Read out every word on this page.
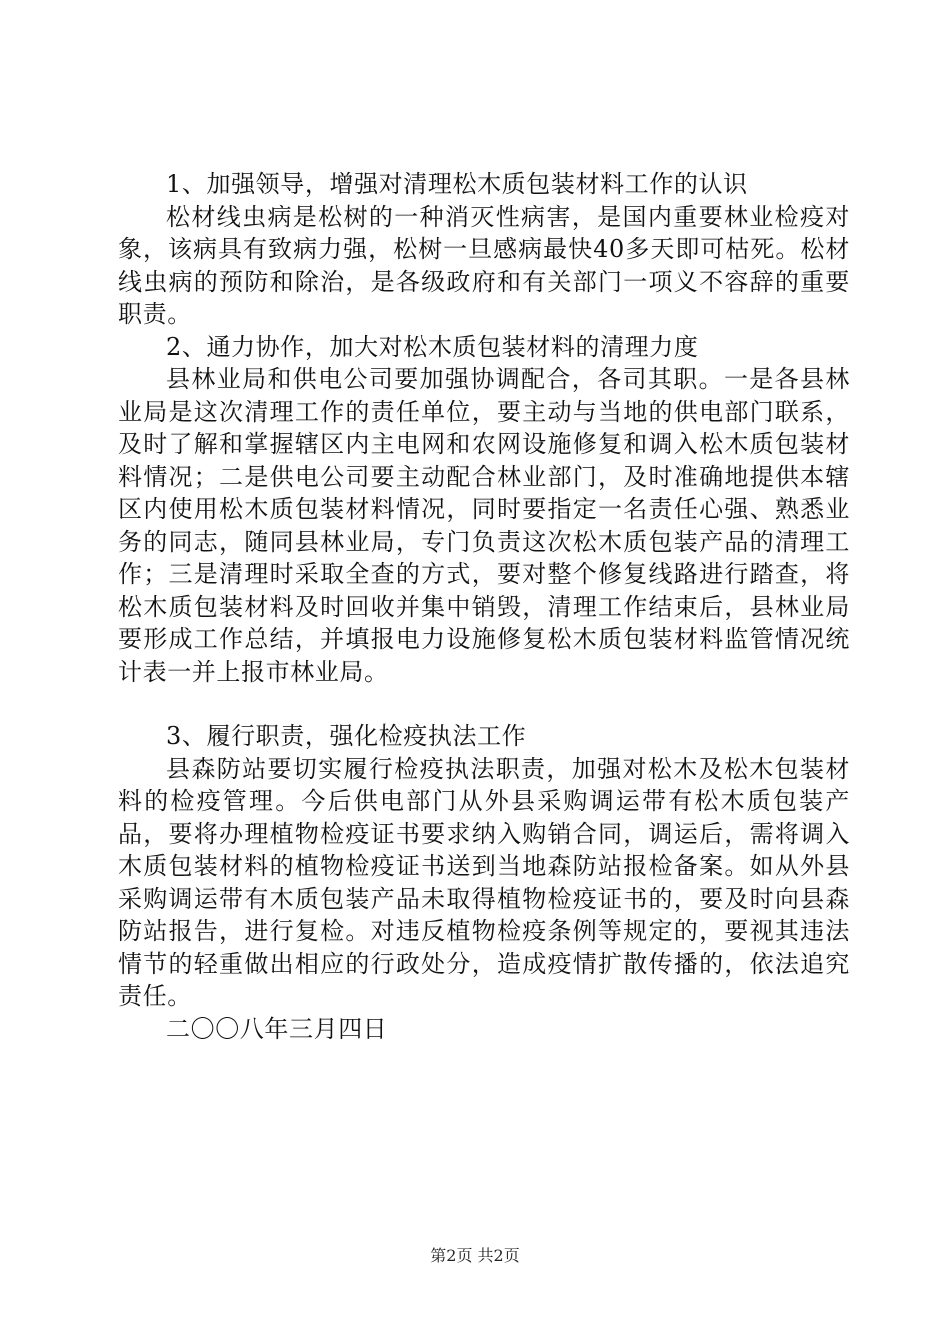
1、加强领导，增强对清理松木质包装材料工作的认识

松材线虫病是松树的一种消灭性病害，是国内重要林业检疫对象，该病具有致病力强，松树一旦感病最快40多天即可枯死。松材线虫病的预防和除治，是各级政府和有关部门一项义不容辞的重要职责。

2、通力协作，加大对松木质包装材料的清理力度

县林业局和供电公司要加强协调配合，各司其职。一是各县林业局是这次清理工作的责任单位，要主动与当地的供电部门联系，及时了解和掌握辖区内主电网和农网设施修复和调入松木质包装材料情况；二是供电公司要主动配合林业部门，及时准确地提供本辖区内使用松木质包装材料情况，同时要指定一名责任心强、熟悉业务的同志，随同县林业局，专门负责这次松木质包装产品的清理工作；三是清理时采取全查的方式，要对整个修复线路进行踏查，将松木质包装材料及时回收并集中销毁，清理工作结束后，县林业局要形成工作总结，并填报电力设施修复松木质包装材料监管情况统计表一并上报市林业局。

3、履行职责，强化检疫执法工作

县森防站要切实履行检疫执法职责，加强对松木及松木包装材料的检疫管理。今后供电部门从外县采购调运带有松木质包装产品，要将办理植物检疫证书要求纳入购销合同，调运后，需将调入木质包装材料的植物检疫证书送到当地森防站报检备案。如从外县采购调运带有木质包装产品未取得植物检疫证书的，要及时向县森防站报告，进行复检。对违反植物检疫条例等规定的，要视其违法情节的轻重做出相应的行政处分，造成疫情扩散传播的，依法追究责任。

二〇〇八年三月四日

第2页 共2页
